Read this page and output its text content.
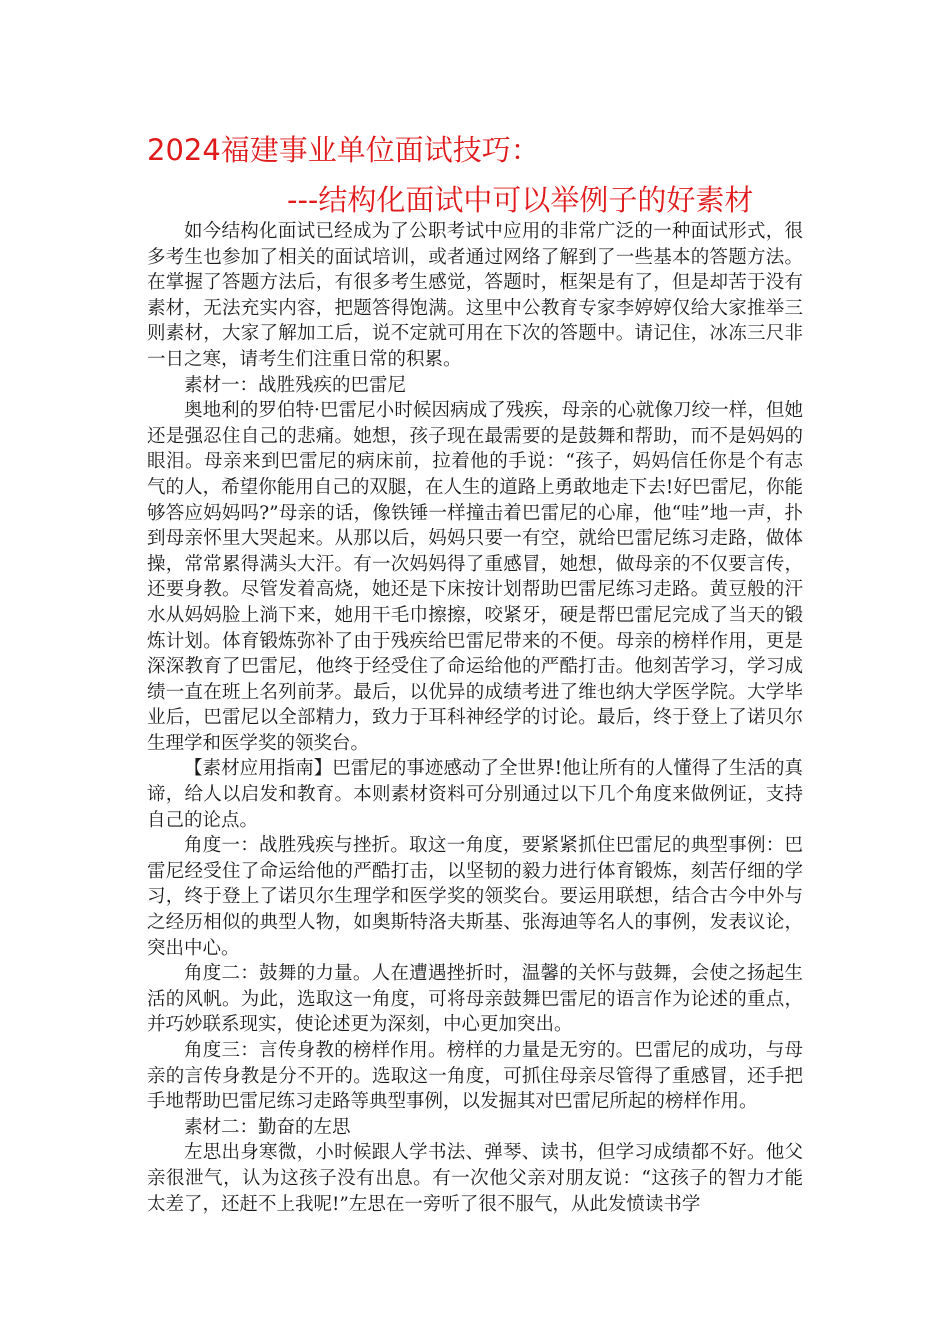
2024福建事业单位面试技巧：
---结构化面试中可以举例子的好素材

如今结构化面试已经成为了公职考试中应用的非常广泛的一种面试形式，很多考生也参加了相关的面试培训，或者通过网络了解到了一些基本的答题方法。在掌握了答题方法后，有很多考生感觉，答题时，框架是有了，但是却苦于没有素材，无法充实内容，把题答得饱满。这里中公教育专家李婷婷仅给大家推举三则素材，大家了解加工后，说不定就可用在下次的答题中。请记住，冰冻三尺非一日之寒，请考生们注重日常的积累。

素材一：战胜残疾的巴雷尼

奥地利的罗伯特·巴雷尼小时候因病成了残疾，母亲的心就像刀绞一样，但她还是强忍住自己的悲痛。她想，孩子现在最需要的是鼓舞和帮助，而不是妈妈的眼泪。母亲来到巴雷尼的病床前，拉着他的手说：“孩子，妈妈信任你是个有志气的人，希望你能用自己的双腿，在人生的道路上勇敢地走下去!好巴雷尼，你能够答应妈妈吗?”母亲的话，像铁锤一样撞击着巴雷尼的心扉，他“哇”地一声，扑到母亲怀里大哭起来。从那以后，妈妈只要一有空，就给巴雷尼练习走路，做体操，常常累得满头大汗。有一次妈妈得了重感冒，她想，做母亲的不仅要言传，还要身教。尽管发着高烧，她还是下床按计划帮助巴雷尼练习走路。黄豆般的汗水从妈妈脸上淌下来，她用干毛巾擦擦，咬紧牙，硬是帮巴雷尼完成了当天的锻炼计划。体育锻炼弥补了由于残疾给巴雷尼带来的不便。母亲的榜样作用，更是深深教育了巴雷尼，他终于经受住了命运给他的严酷打击。他刻苦学习，学习成绩一直在班上名列前茅。最后，以优异的成绩考进了维也纳大学医学院。大学毕业后，巴雷尼以全部精力，致力于耳科神经学的讨论。最后，终于登上了诺贝尔生理学和医学奖的领奖台。

【素材应用指南】巴雷尼的事迹感动了全世界!他让所有的人懂得了生活的真谛，给人以启发和教育。本则素材资料可分别通过以下几个角度来做例证，支持自己的论点。

角度一：战胜残疾与挫折。取这一角度，要紧紧抓住巴雷尼的典型事例：巴雷尼经受住了命运给他的严酷打击，以坚韧的毅力进行体育锻炼，刻苦仔细的学习，终于登上了诺贝尔生理学和医学奖的领奖台。要运用联想，结合古今中外与之经历相似的典型人物，如奥斯特洛夫斯基、张海迪等名人的事例，发表议论，突出中心。

角度二：鼓舞的力量。人在遭遇挫折时，温馨的关怀与鼓舞，会使之扬起生活的风帆。为此，选取这一角度，可将母亲鼓舞巴雷尼的语言作为论述的重点，并巧妙联系现实，使论述更为深刻，中心更加突出。

角度三：言传身教的榜样作用。榜样的力量是无穷的。巴雷尼的成功，与母亲的言传身教是分不开的。选取这一角度，可抓住母亲尽管得了重感冒，还手把手地帮助巴雷尼练习走路等典型事例，以发掘其对巴雷尼所起的榜样作用。

素材二：勤奋的左思

左思出身寒微，小时候跟人学书法、弹琴、读书，但学习成绩都不好。他父亲很泄气，认为这孩子没有出息。有一次他父亲对朋友说：“这孩子的智力才能太差了，还赶不上我呢!”左思在一旁听了很不服气，从此发愤读书学
